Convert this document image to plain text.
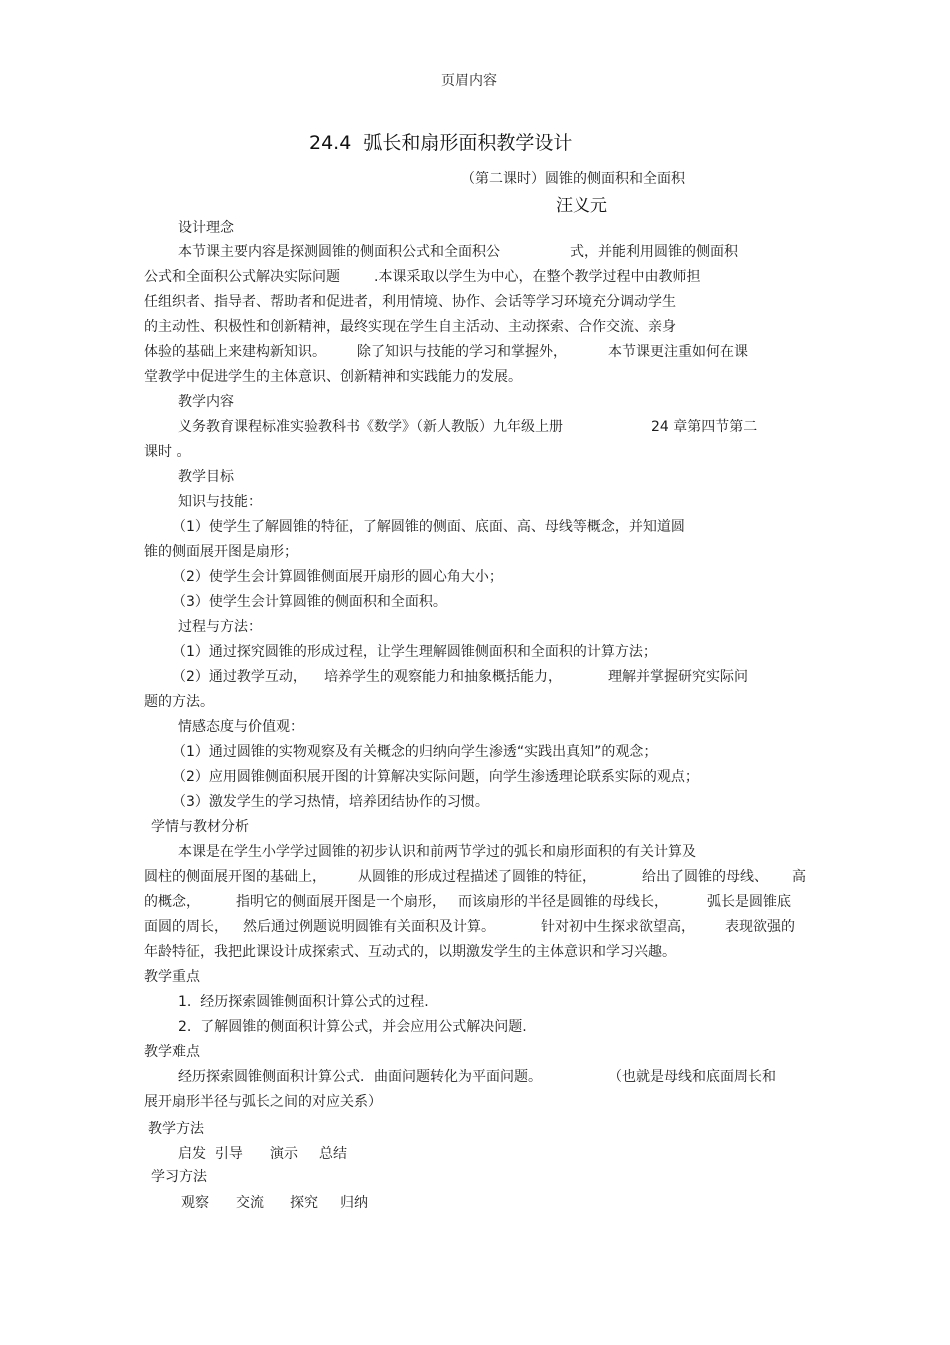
页眉内容
24.4  弧长和扇形面积教学设计
（第二课时）圆锥的侧面积和全面积
汪义元
设计理念
本节课主要内容是探测圆锥的侧面积公式和全面积公	式，并能利用圆锥的侧面积
公式和全面积公式解决实际问题 .本课采取以学生为中心，在整个教学过程中由教师担
任组织者、指导者、帮助者和促进者，利用情境、协作、会话等学习环境充分调动学生
的主动性、积极性和创新精神，最终实现在学生自主活动、主动探索、合作交流、亲身
体验的基础上来建构新知识。 除了知识与技能的学习和掌握外，	本节课更注重如何在课
堂教学中促进学生的主体意识、创新精神和实践能力的发展。
教学内容
义务教育课程标准实验教科书《数学》（新人教版）九年级上册	24 章第四节第二
课时 。
教学目标
知识与技能：
（1）使学生了解圆锥的特征，了解圆锥的侧面、底面、高、母线等概念，并知道圆
锥的侧面展开图是扇形；
（2）使学生会计算圆锥侧面展开扇形的圆心角大小；
（3）使学生会计算圆锥的侧面积和全面积。
过程与方法：
（1）通过探究圆锥的形成过程，让学生理解圆锥侧面积和全面积的计算方法；
（2）通过教学互动， 培养学生的观察能力和抽象概括能力，	理解并掌握研究实际问
题的方法。
情感态度与价值观：
（1）通过圆锥的实物观察及有关概念的归纳向学生渗透“实践出真知”的观念；
（2）应用圆锥侧面积展开图的计算解决实际问题，向学生渗透理论联系实际的观点；
（3）激发学生的学习热情，培养团结协作的习惯。
学情与教材分析
本课是在学生小学学过圆锥的初步认识和前两节学过的弧长和扇形面积的有关计算及
圆柱的侧面展开图的基础上， 从圆锥的形成过程描述了圆锥的特征，	给出了圆锥的母线、 高
的概念，	指明它的侧面展开图是一个扇形， 而该扇形的半径是圆锥的母线长，	弧长是圆锥底
面圆的周长， 然后通过例题说明圆锥有关面积及计算。	针对初中生探求欲望高， 表现欲强的
年龄特征，我把此课设计成探索式、互动式的，以期激发学生的主体意识和学习兴趣。
教学重点
1.  经历探索圆锥侧面积计算公式的过程.
2.  了解圆锥的侧面积计算公式，并会应用公式解决问题.
教学难点
经历探索圆锥侧面积计算公式．曲面问题转化为平面问题。	（也就是母线和底面周长和
展开扇形半径与弧长之间的对应关系）
教学方法
启发  引导 演示 总结
学习方法
观察 交流 探究 归纳
